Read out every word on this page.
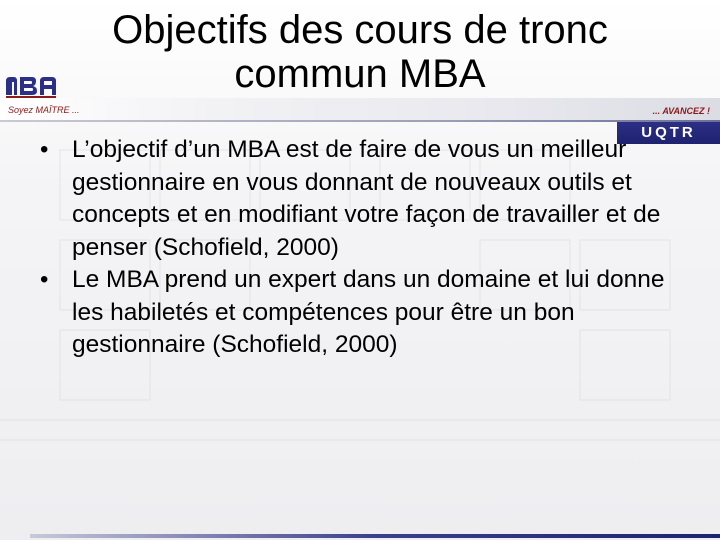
Soyez MAÎTRE ...	... AVANCEZ !
UQTR
Objectifs des cours de tronc commun MBA
• L’objectif d’un MBA est de faire de vous un meilleur gestionnaire en vous donnant de nouveaux outils et concepts et en modifiant votre façon de travailler et de penser (Schofield, 2000)
• Le MBA prend un expert dans un domaine et lui donne les habiletés et compétences pour être un bon gestionnaire (Schofield, 2000)
